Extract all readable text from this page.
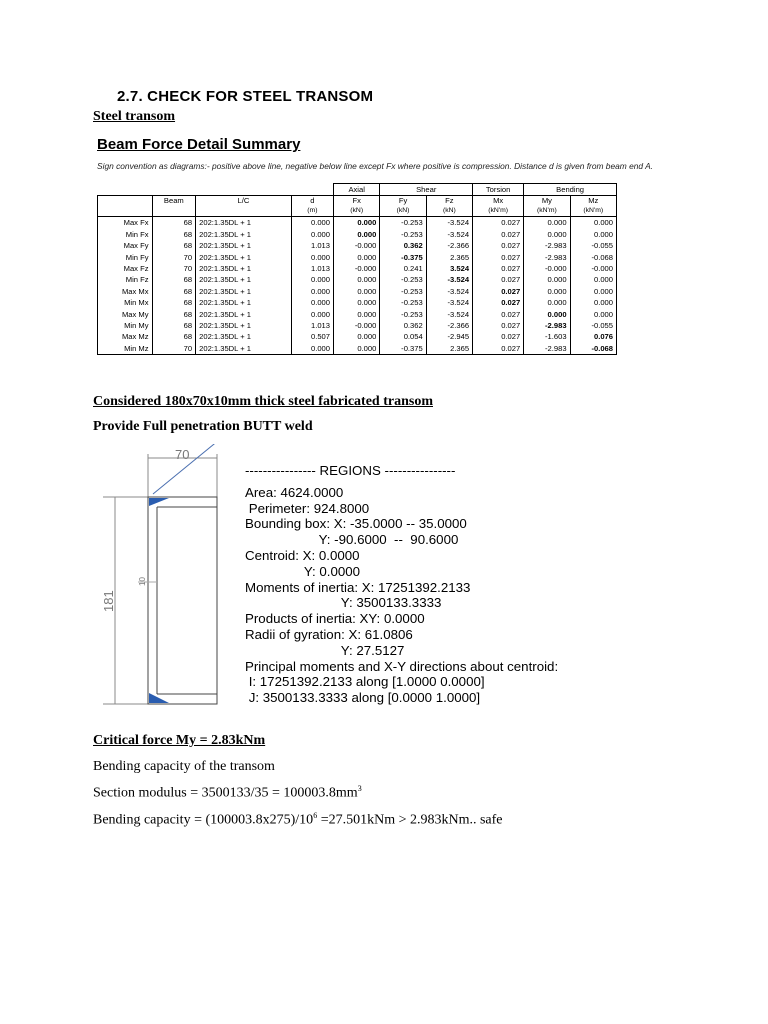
2.7. CHECK FOR STEEL TRANSOM
Steel transom
Beam Force Detail Summary
Sign convention as diagrams:- positive above line, negative below line except Fx where positive is compression. Distance d is given from beam end A.
				Axial	Shear		Torsion	Bending	
	Beam	L/C	d	Fx	Fy	Fz	Mx	My	Mz
			(m)	(kN)	(kN)	(kN)	(kN'm)	(kN'm)	(kN'm)
Max Fx	68	202:1.35DL + 1	0.000	0.000	-0.253	-3.524	0.027	0.000	0.000
Min Fx	68	202:1.35DL + 1	0.000	0.000	-0.253	-3.524	0.027	0.000	0.000
Max Fy	68	202:1.35DL + 1	1.013	-0.000	0.362	-2.366	0.027	-2.983	-0.055
Min Fy	70	202:1.35DL + 1	0.000	0.000	-0.375	2.365	0.027	-2.983	-0.068
Max Fz	70	202:1.35DL + 1	1.013	-0.000	0.241	3.524	0.027	-0.000	-0.000
Min Fz	68	202:1.35DL + 1	0.000	0.000	-0.253	-3.524	0.027	0.000	0.000
Max Mx	68	202:1.35DL + 1	0.000	0.000	-0.253	-3.524	0.027	0.000	0.000
Min Mx	68	202:1.35DL + 1	0.000	0.000	-0.253	-3.524	0.027	0.000	0.000
Max My	68	202:1.35DL + 1	0.000	0.000	-0.253	-3.524	0.027	0.000	0.000
Min My	68	202:1.35DL + 1	1.013	-0.000	0.362	-2.366	0.027	-2.983	-0.055
Max Mz	68	202:1.35DL + 1	0.507	0.000	0.054	-2.945	0.027	-1.603	0.076
Min Mz	70	202:1.35DL + 1	0.000	0.000	-0.375	2.365	0.027	-2.983	-0.068
Considered 180x70x10mm thick steel fabricated transom
Provide Full penetration BUTT weld
70
181
10
---------------- REGIONS ----------------
Area: 4624.0000
Perimeter: 924.8000
Bounding box: X: -35.0000 -- 35.0000
Y: -90.6000  --  90.6000
Centroid: X: 0.0000
Y: 0.0000
Moments of inertia: X: 17251392.2133
Y: 3500133.3333
Products of inertia: XY: 0.0000
Radii of gyration: X: 61.0806
Y: 27.5127
Principal moments and X-Y directions about centroid:
I: 17251392.2133 along [1.0000 0.0000]
J: 3500133.3333 along [0.0000 1.0000]
Critical force My = 2.83kNm
Bending capacity of the transom
Section modulus = $3500133/35 = 100003.8mm^3$
Bending capacity = $(100003.8x275)/10^6 =27.501kNm > 2.983kNm$.. safe
